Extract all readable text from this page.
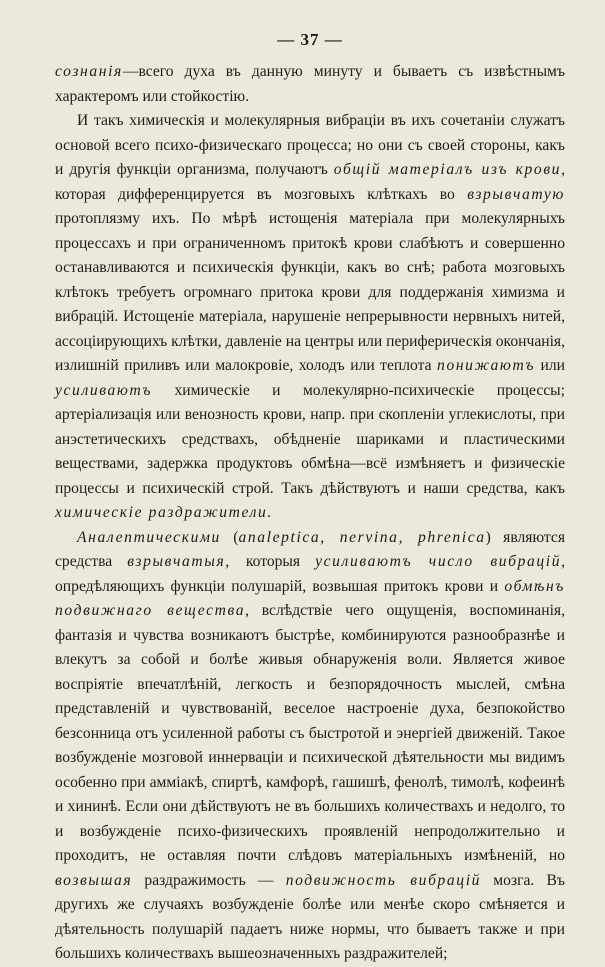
— 37 —

сознанія—всего духа въ данную минуту и бываетъ съ извѣстнымъ характеромъ или стойкостію.

И такъ химическія и молекулярныя вибраціи въ ихъ сочетаніи служатъ основой всего психо-физическаго процесса; но они съ своей стороны, какъ и другія функціи организма, получаютъ общій матеріалъ изъ крови, которая дифференцируется въ мозговыхъ клѣткахъ во взрывчатую протоплязму ихъ. По мѣрѣ истощенія матеріала при молекулярныхъ процессахъ и при ограниченномъ притокѣ крови слабѣютъ и совершенно останавливаются и психическія функціи, какъ во снѣ; работа мозговыхъ клѣтокъ требуетъ огромнаго притока крови для поддержанія химизма и вибрацій. Истощеніе матеріала, нарушеніе непрерывности нервныхъ нитей, ассоціирующихъ клѣтки, давленіе на центры или периферическія окончанія, излишній приливъ или малокровіе, холодъ или теплота понижаютъ или усиливаютъ химическіе и молекулярно-психическіе процессы; артеріализація или венозность крови, напр. при скопленіи углекислоты, при анэстетическихъ средствахъ, обѣдненіе шариками и пластическими веществами, задержка продуктовъ обмѣна—всё измѣняетъ и физическіе процессы и психическій строй. Такъ дѣйствуютъ и наши средства, какъ химическіе раздражители.

Аналептическими (analeptica, nervina, phrenica) являются средства взрывчатыя, которыя усиливаютъ число вибрацій, опредѣляющихъ функціи полушарій, возвышая притокъ крови и обмѣнъ подвижнаго вещества, вслѣдствіе чего ощущенія, воспоминанія, фантазія и чувства возникаютъ быстрѣе, комбинируются разнообразнѣе и влекутъ за собой и болѣе живыя обнаруженія воли. Является живое воспріятіе впечатлѣній, легкость и безпорядочность мыслей, смѣна представленій и чувствованій, веселое настроеніе духа, безпокойство безсонница отъ усиленной работы съ быстротой и энергіей движеній. Такое возбужденіе мозговой иннерваціи и психической дѣятельности мы видимъ особенно при аммiакѣ, спиртѣ, камфорѣ, гашишѣ, фенолѣ, тимолѣ, кофеинѣ и хининѣ. Если они дѣйствуютъ не въ большихъ количествахъ и недолго, то и возбужденіе психо-физическихъ проявленій непродолжительно и проходитъ, не оставляя почти слѣдовъ матеріальныхъ измѣненій, но возвышая раздражимость — подвижность вибрацій мозга. Въ другихъ же случаяхъ возбужденіе болѣе или менѣе скоро смѣняется и дѣятельность полушарій падаетъ ниже нормы, что бываетъ также и при большихъ количествахъ вышеозначенныхъ раздражителей;
